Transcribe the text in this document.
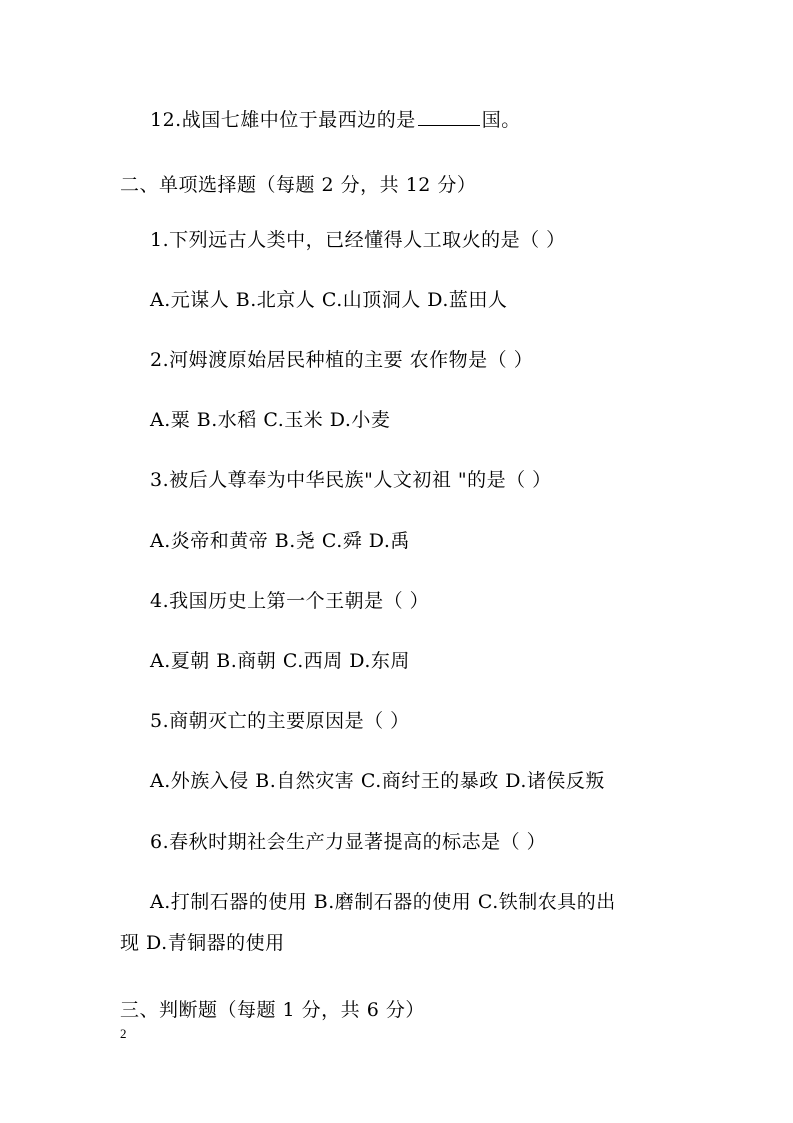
12.战国七雄中位于最西边的是	国。
二、单项选择题（每题 2 分，共 12 分）
1.下列远古人类中，已经懂得人工取火的是（ ）
A.元谋人 B.北京人 C.山顶洞人 D.蓝田人
2.河姆渡原始居民种植的主要 农作物是（ ）
A.粟 B.水稻 C.玉米 D.小麦
3.被后人尊奉为中华民族"人文初祖 "的是（ ）
A.炎帝和黄帝 B.尧 C.舜 D.禹
4.我国历史上第一个王朝是（ ）
A.夏朝 B.商朝 C.西周 D.东周
5.商朝灭亡的主要原因是（ ）
A.外族入侵 B.自然灾害 C.商纣王的暴政 D.诸侯反叛
6.春秋时期社会生产力显著提高的标志是（ ）
A.打制石器的使用 B.磨制石器的使用 C.铁制农具的出
现 D.青铜器的使用
三、判断题（每题 1 分，共 6 分）
2
